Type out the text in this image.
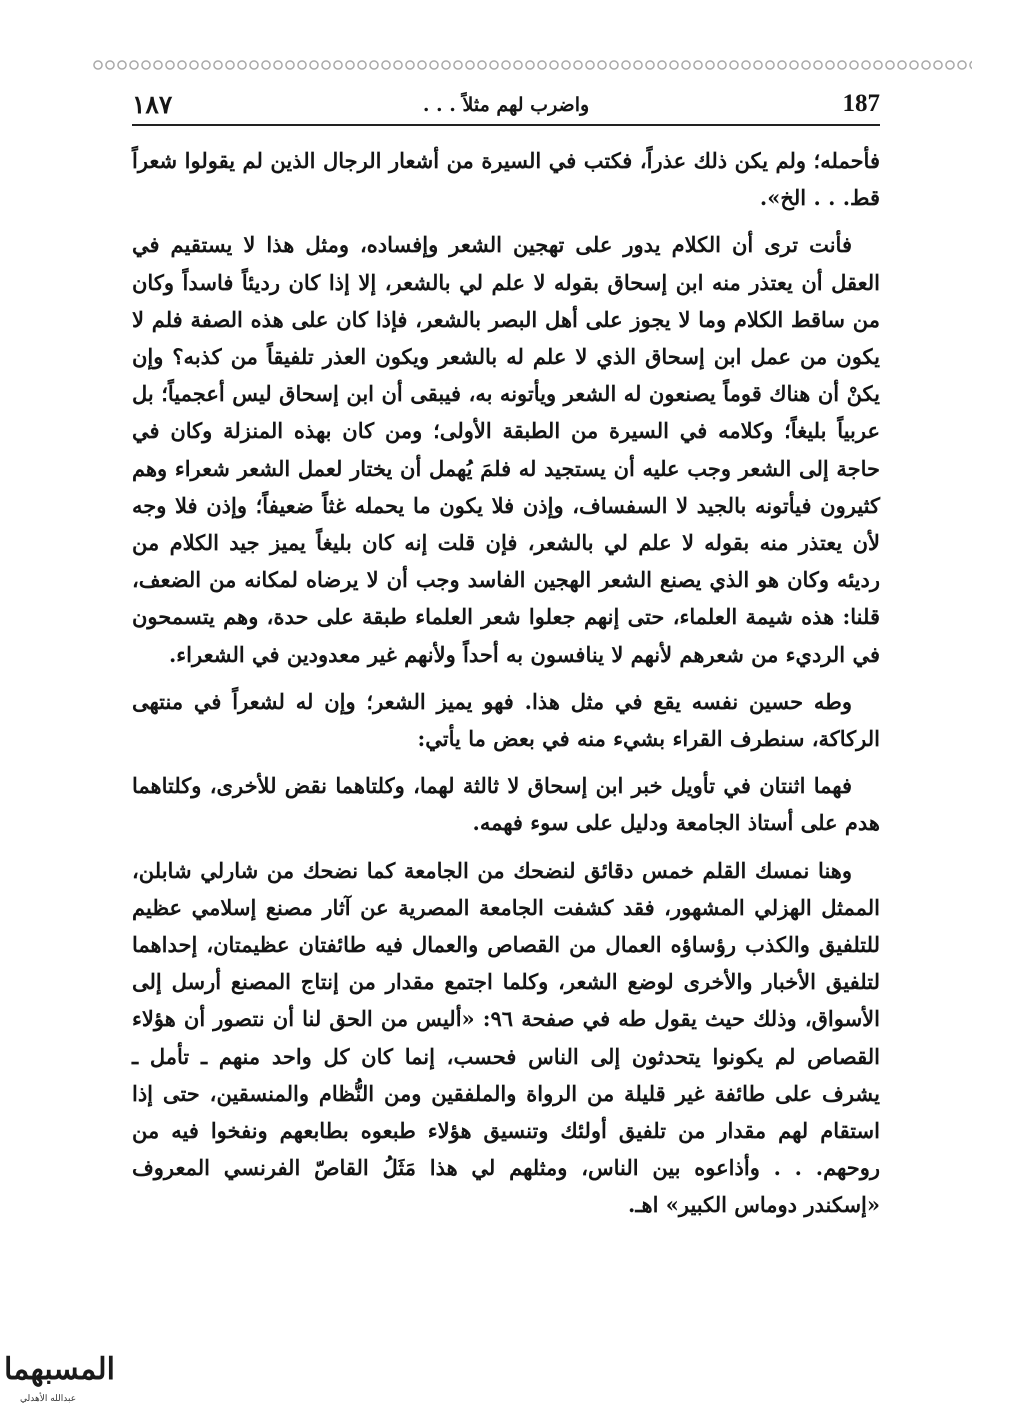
187
واضرب لهم مثلاً . . .
١٨٧

فأحمله؛ ولم يكن ذلك عذراً، فكتب في السيرة من أشعار الرجال الذين لم يقولوا شعراً قط. . . الخ».

فأنت ترى أن الكلام يدور على تهجين الشعر وإفساده، ومثل هذا لا يستقيم في العقل أن يعتذر منه ابن إسحاق بقوله لا علم لي بالشعر، إلا إذا كان رديئاً فاسداً وكان من ساقط الكلام وما لا يجوز على أهل البصر بالشعر، فإذا كان على هذه الصفة فلم لا يكون من عمل ابن إسحاق الذي لا علم له بالشعر ويكون العذر تلفيقاً من كذبه؟ وإن يكنْ أن هناك قوماً يصنعون له الشعر ويأتونه به، فيبقى أن ابن إسحاق ليس أعجمياً؛ بل عربياً بليغاً؛ وكلامه في السيرة من الطبقة الأولى؛ ومن كان بهذه المنزلة وكان في حاجة إلى الشعر وجب عليه أن يستجيد له فلمَ يُهمل أن يختار لعمل الشعر شعراء وهم كثيرون فيأتونه بالجيد لا السفساف، وإذن فلا يكون ما يحمله غثاً ضعيفاً؛ وإذن فلا وجه لأن يعتذر منه بقوله لا علم لي بالشعر، فإن قلت إنه كان بليغاً يميز جيد الكلام من رديئه وكان هو الذي يصنع الشعر الهجين الفاسد وجب أن لا يرضاه لمكانه من الضعف، قلنا: هذه شيمة العلماء، حتى إنهم جعلوا شعر العلماء طبقة على حدة، وهم يتسمحون في الرديء من شعرهم لأنهم لا ينافسون به أحداً ولأنهم غير معدودين في الشعراء.

وطه حسين نفسه يقع في مثل هذا. فهو يميز الشعر؛ وإن له لشعراً في منتهى الركاكة، سنطرف القراء بشيء منه في بعض ما يأتي:

فهما اثنتان في تأويل خبر ابن إسحاق لا ثالثة لهما، وكلتاهما نقض للأخرى، وكلتاهما هدم على أستاذ الجامعة ودليل على سوء فهمه.

وهنا نمسك القلم خمس دقائق لنضحك من الجامعة كما نضحك من شارلي شابلن، الممثل الهزلي المشهور، فقد كشفت الجامعة المصرية عن آثار مصنع إسلامي عظيم للتلفيق والكذب رؤساؤه العمال من القصاص والعمال فيه طائفتان عظيمتان، إحداهما لتلفيق الأخبار والأخرى لوضع الشعر، وكلما اجتمع مقدار من إنتاج المصنع أرسل إلى الأسواق، وذلك حيث يقول طه في صفحة ٩٦: «أليس من الحق لنا أن نتصور أن هؤلاء القصاص لم يكونوا يتحدثون إلى الناس فحسب، إنما كان كل واحد منهم ـ تأمل ـ يشرف على طائفة غير قليلة من الرواة والملفقين ومن النُّظام والمنسقين، حتى إذا استقام لهم مقدار من تلفيق أولئك وتنسيق هؤلاء طبعوه بطابعهم ونفخوا فيه من روحهم. . . وأذاعوه بين الناس، ومثلهم لي هذا مَثَلُ القاصّ الفرنسي المعروف «إسكندر دوماس الكبير» اهـ.

المسبهما
عبدالله الأهدلي
